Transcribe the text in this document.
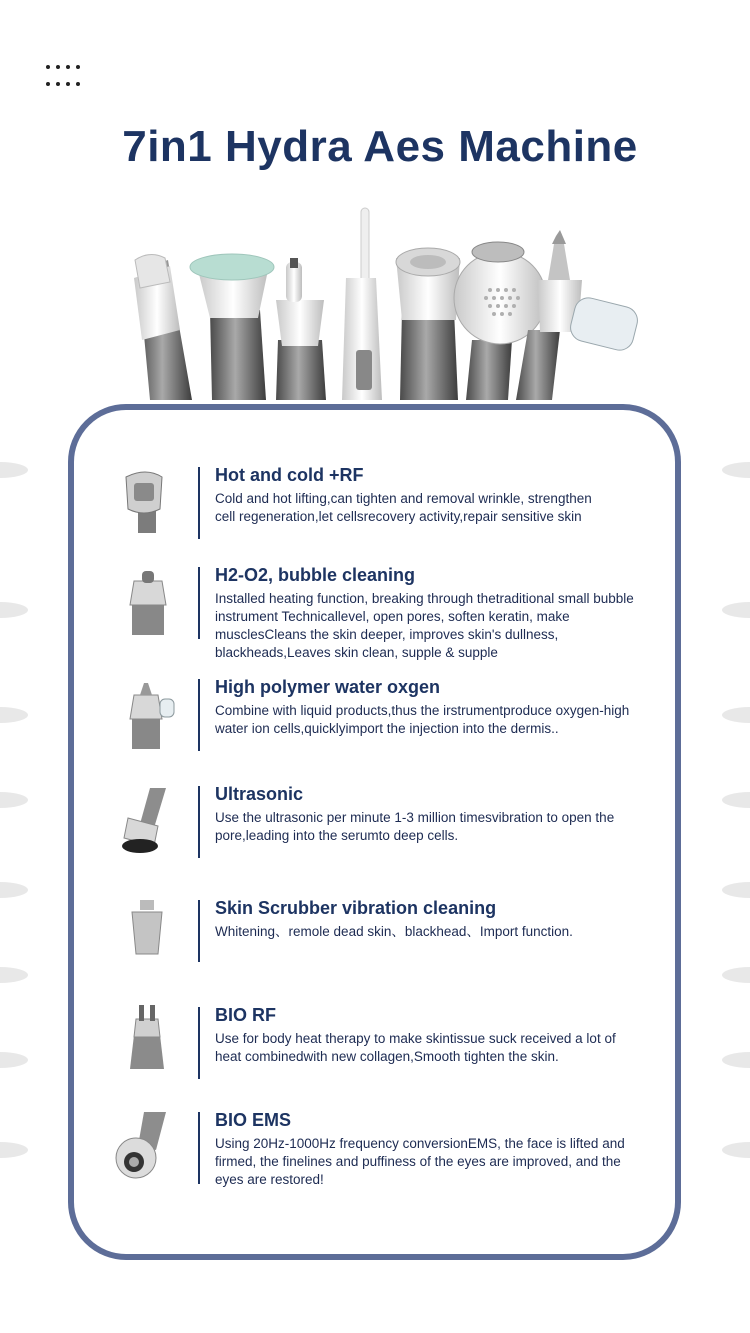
7in1 Hydra Aes Machine
Hot and cold +RF

Cold and hot lifting,can tighten and removal wrinkle, strengthen
cell regeneration,let cellsrecovery activity,repair sensitive skin

H2-O2, bubble cleaning

Installed heating function, breaking through thetraditional small bubble instrument Technicallevel, open pores, soften keratin, make musclesCleans the skin deeper, improves skin's dullness, blackheads,Leaves skin clean, supple & supple

High polymer water oxgen

Combine with liquid products,thus the irstrumentproduce oxygen-high water ion cells,quicklyimport the injection into the dermis..

Ultrasonic

Use the ultrasonic per minute 1-3 million timesvibration to open the pore,leading into the serumto deep cells.

Skin Scrubber vibration cleaning

Whitening、remole dead skin、blackhead、Import function.

BIO RF

Use for body heat therapy to make skintissue suck received a lot of heat combinedwith new collagen,Smooth tighten the skin.

BIO EMS

Using 20Hz-1000Hz frequency conversionEMS, the face is lifted and firmed, the finelines and puffiness of the eyes are improved, and the eyes are restored!
